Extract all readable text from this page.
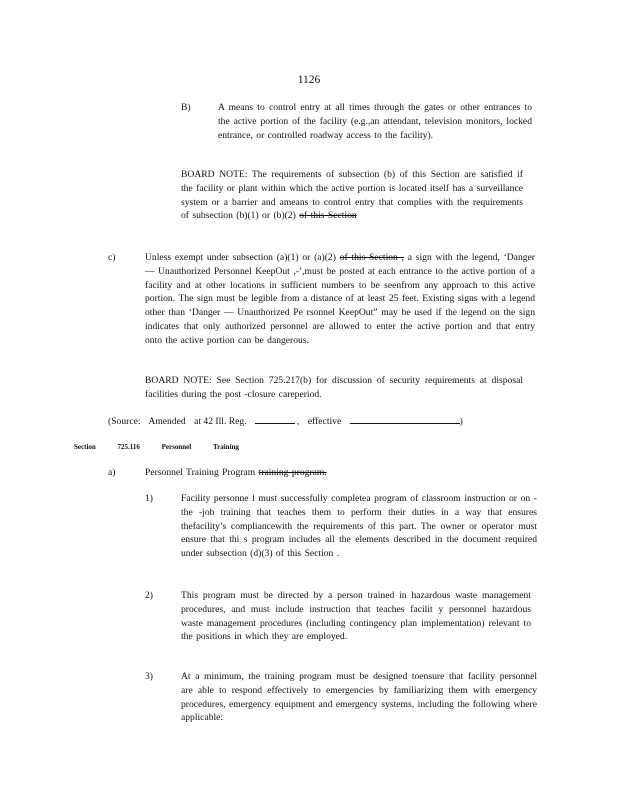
1126
B)	A means to control entry at all times through the gates or other entrances to the active portion of the facility (e.g.,an attendant, television monitors, locked entrance, or controlled roadway access to the facility).
BOARD NOTE: The requirements of subsection (b) of this Section are satisfied if the facility or plant within which the active portion is located itself has a surveillance system or a barrier and ameans to control entry that complies with the requirements of subsection (b)(1) or (b)(2) of this Section
c)	Unless exempt under subsection (a)(1) or (a)(2) of this Section , a sign with the legend, ‘Danger — Unauthorized Personnel KeepOut ,-’,must be posted at each entrance to the active portion of a facility and at other locations in sufficient numbers to be seenfrom any approach to this active portion. The sign must be legible from a distance of at least 25 feet. Existing signs with a legend other than ‘Danger — Unauthorized Pe rsonnel KeepOut” may be used if the legend on the sign indicates that only authorized personnel are allowed to enter the active portion and that entry onto the active portion can be dangerous.
BOARD NOTE: See Section 725.217(b) for discussion of security requirements at disposal facilities during the post -closure careperiod.
(Source: Amended at 42 Ill. Reg.	, effective	)
Section	725.116	Personnel	Training
a)	Personnel Training Program training program.
1)	Facility personne l must successfully completea program of classroom instruction or on -the -job training that teaches them to perform their duties in a way that ensures thefacility’s compliancewith the requirements of this part. The owner or operator must ensure that thi s program includes all the elements described in the document required under subsection (d)(3) of this Section .
2)	This program must be directed by a person trained in hazardous waste management procedures, and must include instruction that teaches facilit y personnel hazardous waste management procedures (including contingency plan implementation) relevant to the positions in which they are employed.
3)	At a minimum, the training program must be designed toensure that facility personnel are able to respond effectively to emergencies by familiarizing them with emergency procedures, emergency equipment and emergency systems, including the following where applicable:
